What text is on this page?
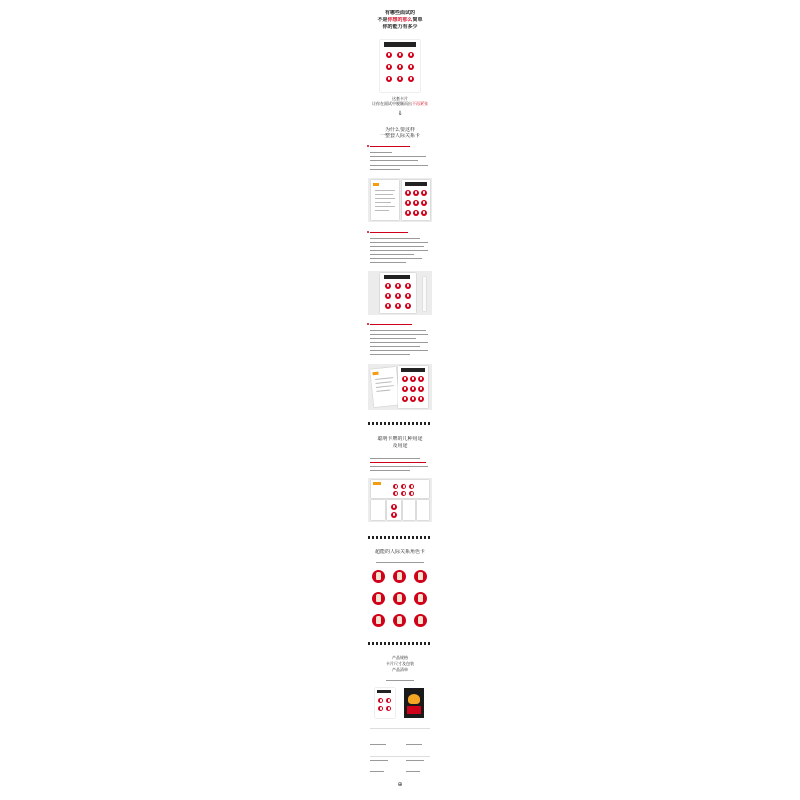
有哪些面试的
不是你想的那么简单
你的能力有多少
这套卡片
让你在面试中脱颖而出不再紧张
⇓
为什么要这样
一整套人际关系卡
聪明卡牌的几种用途
及用途
超能的人际关系角色卡
产品规格
卡片尺寸及包装
产品清单
⊕
